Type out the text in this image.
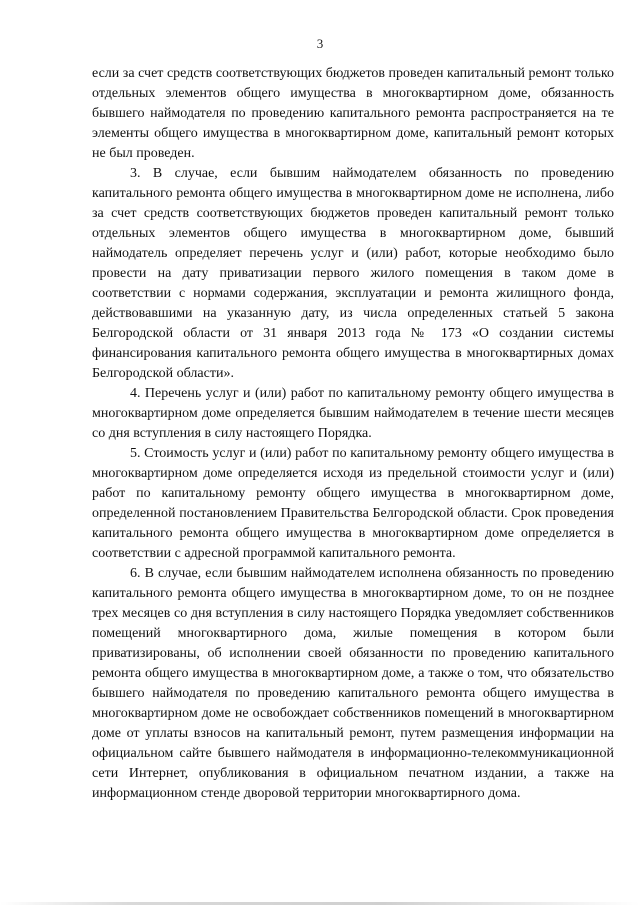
3

если за счет средств соответствующих бюджетов проведен капитальный ремонт только отдельных элементов общего имущества в многоквартирном доме, обязанность бывшего наймодателя по проведению капитального ремонта распространяется на те элементы общего имущества в многоквартирном доме, капитальный ремонт которых не был проведен.

3. В случае, если бывшим наймодателем обязанность по проведению капитального ремонта общего имущества в многоквартирном доме не исполнена, либо за счет средств соответствующих бюджетов проведен капитальный ремонт только отдельных элементов общего имущества в многоквартирном доме, бывший наймодатель определяет перечень услуг и (или) работ, которые необходимо было провести на дату приватизации первого жилого помещения в таком доме в соответствии с нормами содержания, эксплуатации и ремонта жилищного фонда, действовавшими на указанную дату, из числа определенных статьей 5 закона Белгородской области от 31 января 2013 года № 173 «О создании системы финансирования капитального ремонта общего имущества в многоквартирных домах Белгородской области».

4. Перечень услуг и (или) работ по капитальному ремонту общего имущества в многоквартирном доме определяется бывшим наймодателем в течение шести месяцев со дня вступления в силу настоящего Порядка.

5. Стоимость услуг и (или) работ по капитальному ремонту общего имущества в многоквартирном доме определяется исходя из предельной стоимости услуг и (или) работ по капитальному ремонту общего имущества в многоквартирном доме, определенной постановлением Правительства Белгородской области. Срок проведения капитального ремонта общего имущества в многоквартирном доме определяется в соответствии с адресной программой капитального ремонта.

6. В случае, если бывшим наймодателем исполнена обязанность по проведению капитального ремонта общего имущества в многоквартирном доме, то он не позднее трех месяцев со дня вступления в силу настоящего Порядка уведомляет собственников помещений многоквартирного дома, жилые помещения в котором были приватизированы, об исполнении своей обязанности по проведению капитального ремонта общего имущества в многоквартирном доме, а также о том, что обязательство бывшего наймодателя по проведению капитального ремонта общего имущества в многоквартирном доме не освобождает собственников помещений в многоквартирном доме от уплаты взносов на капитальный ремонт, путем размещения информации на официальном сайте бывшего наймодателя в информационно-телекоммуникационной сети Интернет, опубликования в официальном печатном издании, а также на информационном стенде дворовой территории многоквартирного дома.
